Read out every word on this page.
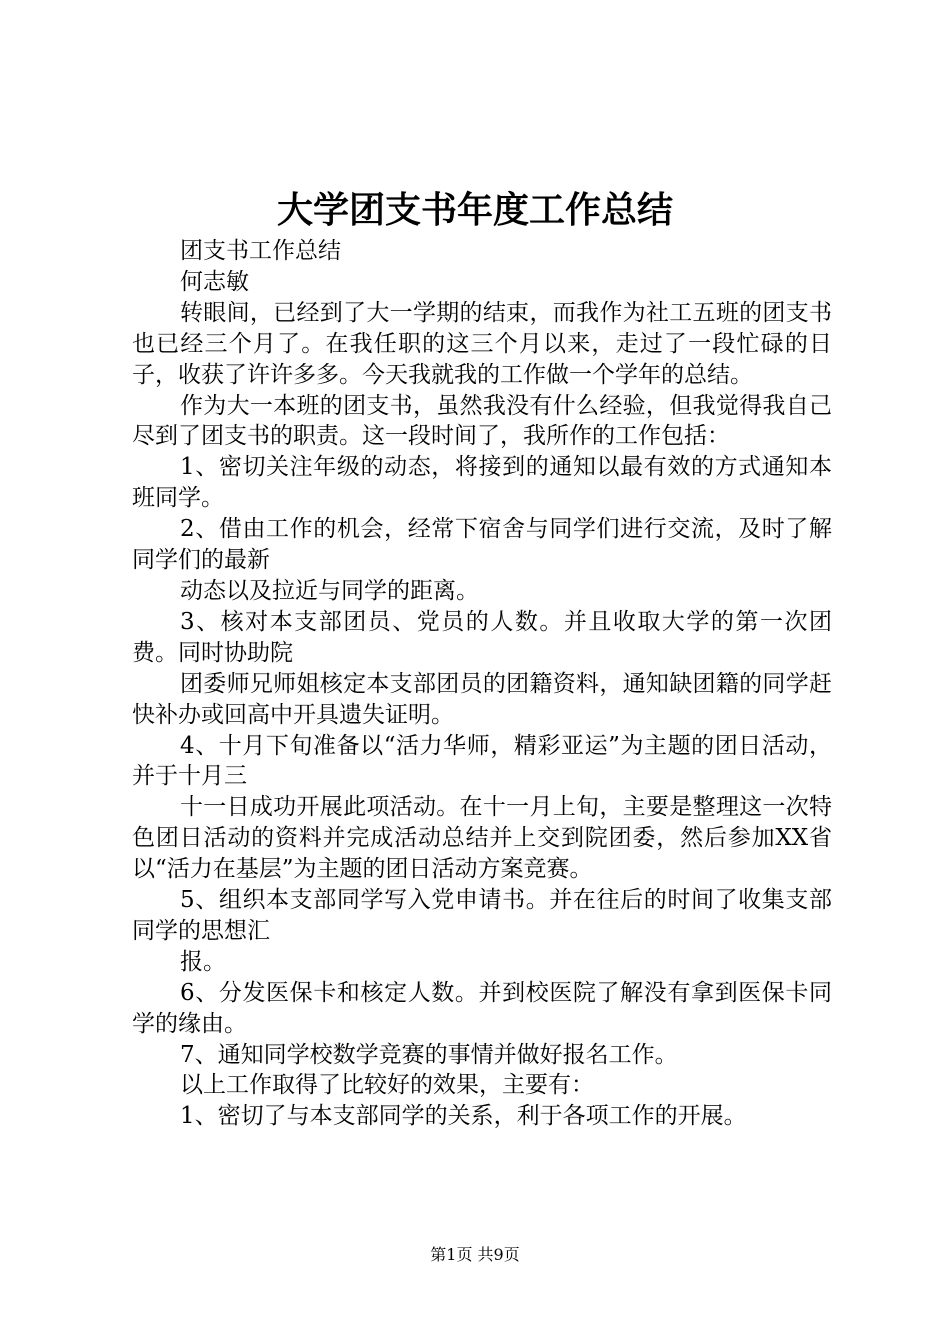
大学团支书年度工作总结

团支书工作总结

何志敏

转眼间，已经到了大一学期的结束，而我作为社工五班的团支书也已经三个月了。在我任职的这三个月以来，走过了一段忙碌的日子，收获了许许多多。今天我就我的工作做一个学年的总结。

作为大一本班的团支书，虽然我没有什么经验，但我觉得我自己尽到了团支书的职责。这一段时间了，我所作的工作包括：

1、密切关注年级的动态，将接到的通知以最有效的方式通知本班同学。

2、借由工作的机会，经常下宿舍与同学们进行交流，及时了解同学们的最新

动态以及拉近与同学的距离。

3、核对本支部团员、党员的人数。并且收取大学的第一次团费。同时协助院

团委师兄师姐核定本支部团员的团籍资料，通知缺团籍的同学赶快补办或回高中开具遗失证明。

4、十月下旬准备以“活力华师，精彩亚运”为主题的团日活动，并于十月三

十一日成功开展此项活动。在十一月上旬，主要是整理这一次特色团日活动的资料并完成活动总结并上交到院团委，然后参加XX省以“活力在基层”为主题的团日活动方案竞赛。

5、组织本支部同学写入党申请书。并在往后的时间了收集支部同学的思想汇

报。

6、分发医保卡和核定人数。并到校医院了解没有拿到医保卡同学的缘由。

7、通知同学校数学竞赛的事情并做好报名工作。

以上工作取得了比较好的效果，主要有：

1、密切了与本支部同学的关系，利于各项工作的开展。

第1页 共9页
